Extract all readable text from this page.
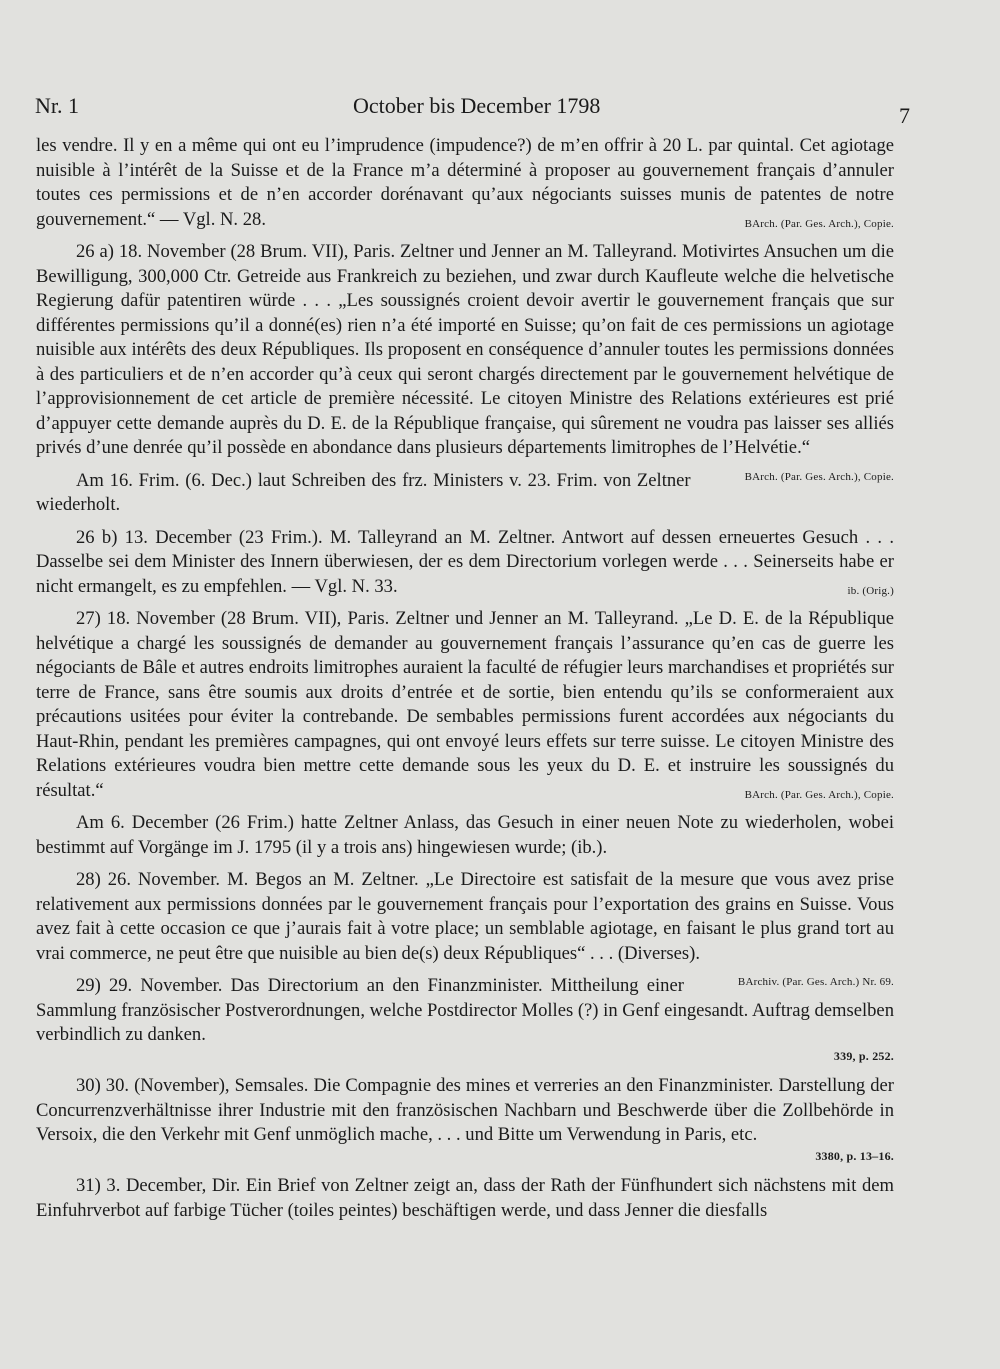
Nr. 1	October bis December 1798	7

les vendre. Il y en a même qui ont eu l’imprudence (impudence?) de m’en offrir à 20 L. par quintal. Cet agiotage nuisible à l’intérêt de la Suisse et de la France m’a déterminé à proposer au gouvernement français d’annuler toutes ces permissions et de n’en accorder dorénavant qu’aux négociants suisses munis de patentes de notre gouvernement.“ — Vgl. N. 28.	BArch. (Par. Ges. Arch.), Copie.

26 a) 18. November (28 Brum. VII), Paris. Zeltner und Jenner an M. Talleyrand. Motivirtes Ansuchen um die Bewilligung, 300,000 Ctr. Getreide aus Frankreich zu beziehen, und zwar durch Kaufleute welche die helvetische Regierung dafür patentiren würde . . . „Les soussignés croient devoir avertir le gouvernement français que sur différentes permissions qu’il a donné(es) rien n’a été importé en Suisse; qu’on fait de ces permissions un agiotage nuisible aux intérêts des deux Républiques. Ils proposent en conséquence d’annuler toutes les permissions données à des particuliers et de n’en accorder qu’à ceux qui seront chargés directement par le gouvernement helvétique de l’approvisionnement de cet article de première nécessité. Le citoyen Ministre des Relations extérieures est prié d’appuyer cette demande auprès du D. E. de la République française, qui sûrement ne voudra pas laisser ses alliés privés d’une denrée qu’il possède en abondance dans plusieurs départements limitrophes de l’Helvétie.“
BArch. (Par. Ges. Arch.), Copie.

Am 16. Frim. (6. Dec.) laut Schreiben des frz. Ministers v. 23. Frim. von Zeltner wiederholt.

26 b) 13. December (23 Frim.). M. Talleyrand an M. Zeltner. Antwort auf dessen erneuertes Gesuch . . . Dasselbe sei dem Minister des Innern überwiesen, der es dem Directorium vorlegen werde . . . Seinerseits habe er nicht ermangelt, es zu empfehlen. — Vgl. N. 33.	ib. (Orig.)

27) 18. November (28 Brum. VII), Paris. Zeltner und Jenner an M. Talleyrand. „Le D. E. de la République helvétique a chargé les soussignés de demander au gouvernement français l’assurance qu’en cas de guerre les négociants de Bâle et autres endroits limitrophes auraient la faculté de réfugier leurs marchandises et propriétés sur terre de France, sans être soumis aux droits d’entrée et de sortie, bien entendu qu’ils se conformeraient aux précautions usitées pour éviter la contrebande. De sembables permissions furent accordées aux négociants du Haut-Rhin, pendant les premières campagnes, qui ont envoyé leurs effets sur terre suisse. Le citoyen Ministre des Relations extérieures voudra bien mettre cette demande sous les yeux du D. E. et instruire les soussignés du résultat.“	BArch. (Par. Ges. Arch.), Copie.

Am 6. December (26 Frim.) hatte Zeltner Anlass, das Gesuch in einer neuen Note zu wiederholen, wobei bestimmt auf Vorgänge im J. 1795 (il y a trois ans) hingewiesen wurde; (ib.).

28) 26. November. M. Begos an M. Zeltner. „Le Directoire est satisfait de la mesure que vous avez prise relativement aux permissions données par le gouvernement français pour l’exportation des grains en Suisse. Vous avez fait à cette occasion ce que j’aurais fait à votre place; un semblable agiotage, en faisant le plus grand tort au vrai commerce, ne peut être que nuisible au bien de(s) deux Républiques“ . . . (Diverses).
BArchiv. (Par. Ges. Arch.) Nr. 69.

29) 29. November. Das Directorium an den Finanzminister. Mittheilung einer Sammlung französischer Postverordnungen, welche Postdirector Molles (?) in Genf eingesandt. Auftrag demselben verbindlich zu danken.
339, p. 252.

30) 30. (November), Semsales. Die Compagnie des mines et verreries an den Finanzminister. Darstellung der Concurrenzverhältnisse ihrer Industrie mit den französischen Nachbarn und Beschwerde über die Zollbehörde in Versoix, die den Verkehr mit Genf unmöglich mache, . . . und Bitte um Verwendung in Paris, etc.
3380, p. 13–16.

31) 3. December, Dir. Ein Brief von Zeltner zeigt an, dass der Rath der Fünfhundert sich nächstens mit dem Einfuhrverbot auf farbige Tücher (toiles peintes) beschäftigen werde, und dass Jenner die diesfalls
